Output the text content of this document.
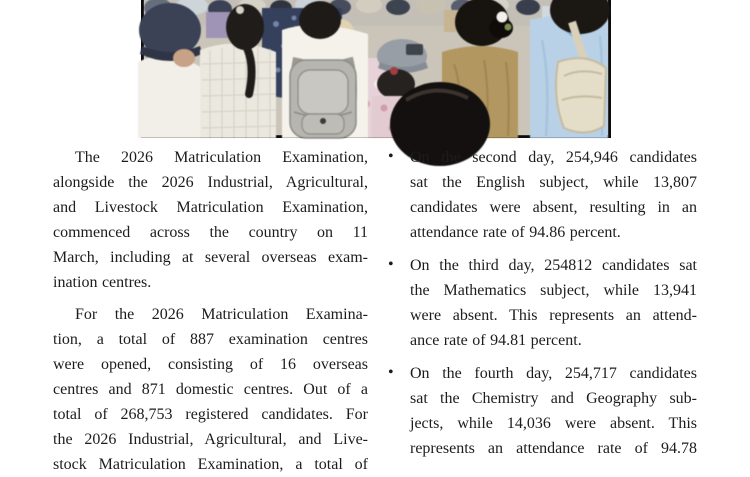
The 2026 Matriculation Examination,
alongside the 2026 Industrial, Agricultural,
and Livestock Matriculation Examination,
commenced across the country on 11
March, including at several overseas exam-
ination centres.
For the 2026 Matriculation Examina-
tion, a total of 887 examination centres
were opened, consisting of 16 overseas
centres and 871 domestic centres. Out of a
total of 268,753 registered candidates. For
the 2026 Industrial, Agricultural, and Live-
stock Matriculation Examination, a total of
• On the second day, 254,946 candidates
sat the English subject, while 13,807
candidates were absent, resulting in an
attendance rate of 94.86 percent.
• On the third day, 254812 candidates sat
the Mathematics subject, while 13,941
were absent. This represents an attend-
ance rate of 94.81 percent.
• On the fourth day, 254,717 candidates
sat the Chemistry and Geography sub-
jects, while 14,036 were absent. This
represents an attendance rate of 94.78
